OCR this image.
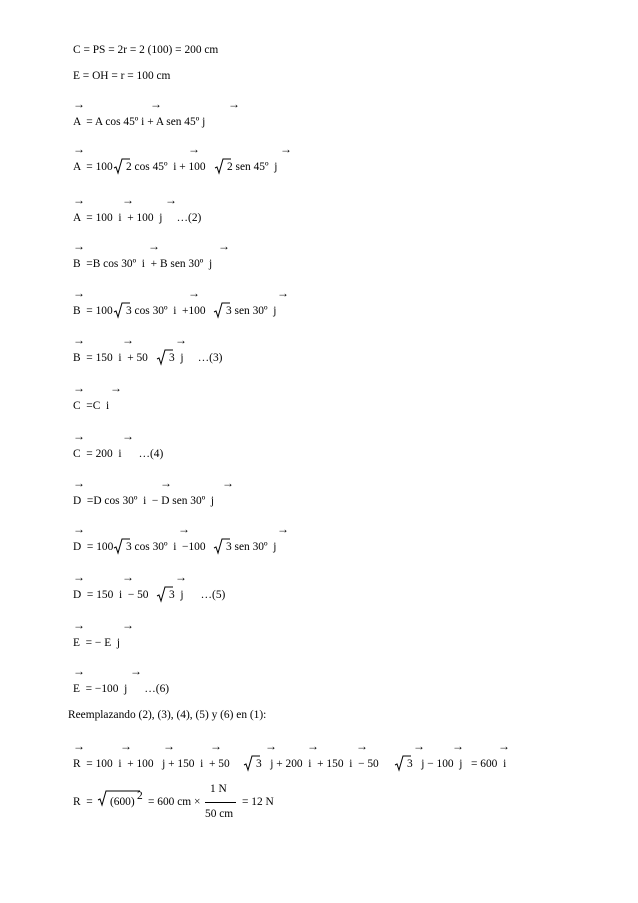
C = PS = 2r = 2 (100) = 200 cm
E = OH = r = 100 cm
→	→	→
A  = A cos 45º i + A sen 45º j
→	→	→
A  = 100 2 cos 45º  i + 100 2 sen 45º  j
→	→	→
A  = 100  i  + 100  j     …(2)
→	→	→
B  =B cos 30º  i  + B sen 30º  j
→	→	→
B  = 100 3 cos 30º  i  +100 3 sen 30º  j
→	→	→
B  = 150  i  + 50 3  j     …(3)
→ →
C  =C  i
→	→
C  = 200  i      …(4)
→	→	→
D  =D cos 30º  i  − D sen 30º  j
→	→	→
D  = 100 3 cos 30º  i  −100 3 sen 30º  j
→	→	→
D  = 150  i  − 50 3  j      …(5)
→	→
E  = − E  j
→	→
E  = −100  j      …(6)
Reemplazando (2), (3), (4), (5) y (6) en (1):
→	→	→	→	→	→	→	→ →	→
R  = 100  i  + 100   j + 150  i  + 50 3   j + 200  i  + 150  i  − 50 3   j − 100  j   = 600  i
R  = (600) 2 = 600 cm ×
1 N
50 cm
= 12 N
